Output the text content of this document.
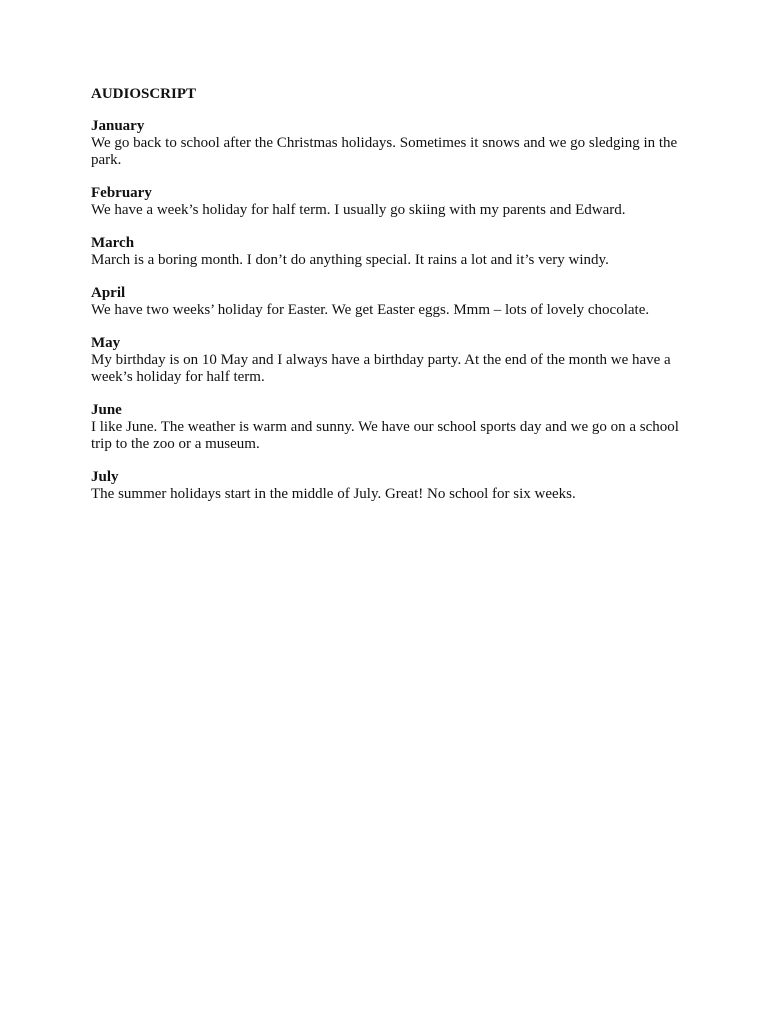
AUDIOSCRIPT
January
We go back to school after the Christmas holidays. Sometimes it snows and we go sledging in the park.
February
We have a week’s holiday for half term. I usually go skiing with my parents and Edward.
March
March is a boring month. I don’t do anything special. It rains a lot and it’s very windy.
April
We have two weeks’ holiday for Easter. We get Easter eggs. Mmm – lots of lovely chocolate.
May
My birthday is on 10 May and I always have a birthday party. At the end of the month we have a week’s holiday for half term.
June
I like June. The weather is warm and sunny. We have our school sports day and we go on a school trip to the zoo or a museum.
July
The summer holidays start in the middle of July. Great! No school for six weeks.
